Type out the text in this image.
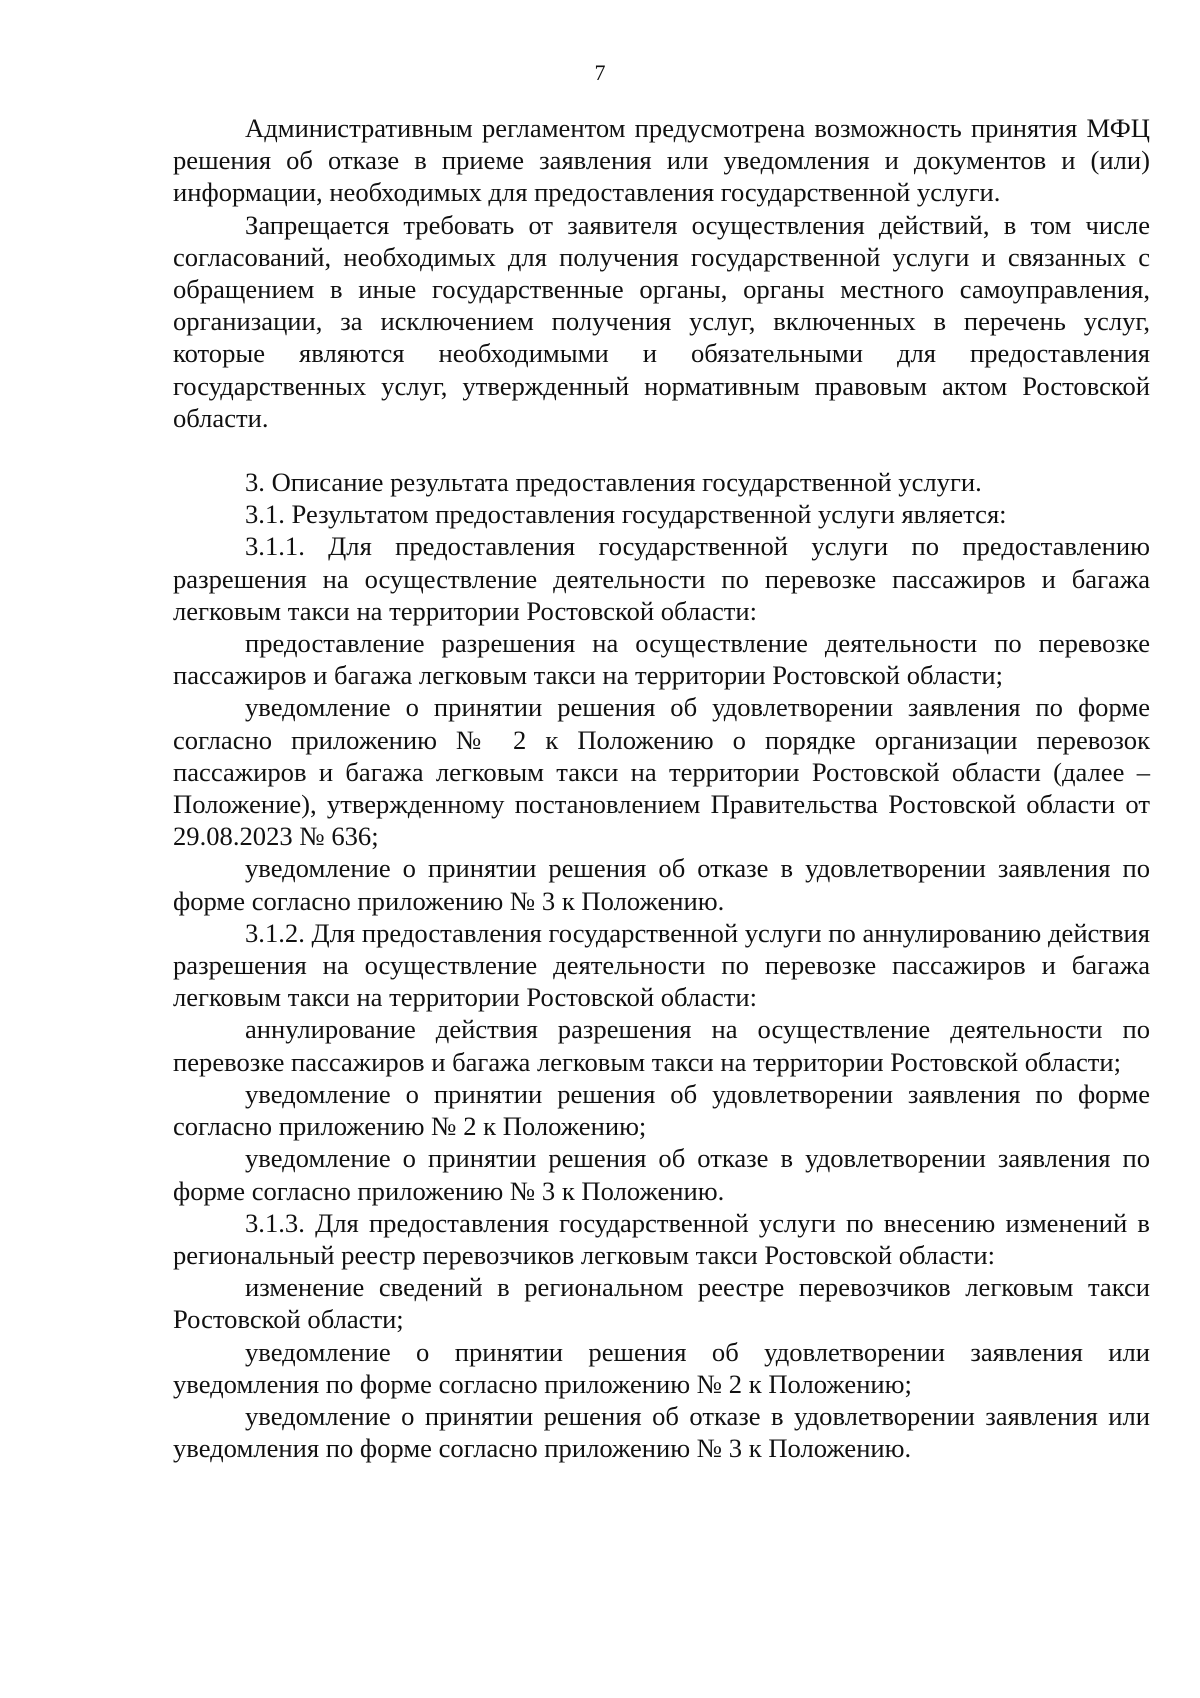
7

Административным регламентом предусмотрена возможность принятия МФЦ решения об отказе в приеме заявления или уведомления и документов и (или) информации, необходимых для предоставления государственной услуги.

Запрещается требовать от заявителя осуществления действий, в том числе согласований, необходимых для получения государственной услуги и связанных с обращением в иные государственные органы, органы местного самоуправления, организации, за исключением получения услуг, включенных в перечень услуг, которые являются необходимыми и обязательными для предоставления государственных услуг, утвержденный нормативным правовым актом Ростовской области.

3. Описание результата предоставления государственной услуги.

3.1. Результатом предоставления государственной услуги является:

3.1.1. Для предоставления государственной услуги по предоставлению разрешения на осуществление деятельности по перевозке пассажиров и багажа легковым такси на территории Ростовской области:

предоставление разрешения на осуществление деятельности по перевозке пассажиров и багажа легковым такси на территории Ростовской области;

уведомление о принятии решения об удовлетворении заявления по форме согласно приложению № 2 к Положению о порядке организации перевозок пассажиров и багажа легковым такси на территории Ростовской области (далее – Положение), утвержденному постановлением Правительства Ростовской области от 29.08.2023 № 636;

уведомление о принятии решения об отказе в удовлетворении заявления по форме согласно приложению № 3 к Положению.

3.1.2. Для предоставления государственной услуги по аннулированию действия разрешения на осуществление деятельности по перевозке пассажиров и багажа легковым такси на территории Ростовской области:

аннулирование действия разрешения на осуществление деятельности по перевозке пассажиров и багажа легковым такси на территории Ростовской области;

уведомление о принятии решения об удовлетворении заявления по форме согласно приложению № 2 к Положению;

уведомление о принятии решения об отказе в удовлетворении заявления по форме согласно приложению № 3 к Положению.

3.1.3. Для предоставления государственной услуги по внесению изменений в региональный реестр перевозчиков легковым такси Ростовской области:

изменение сведений в региональном реестре перевозчиков легковым такси Ростовской области;

уведомление о принятии решения об удовлетворении заявления или уведомления по форме согласно приложению № 2 к Положению;

уведомление о принятии решения об отказе в удовлетворении заявления или уведомления по форме согласно приложению № 3 к Положению.
